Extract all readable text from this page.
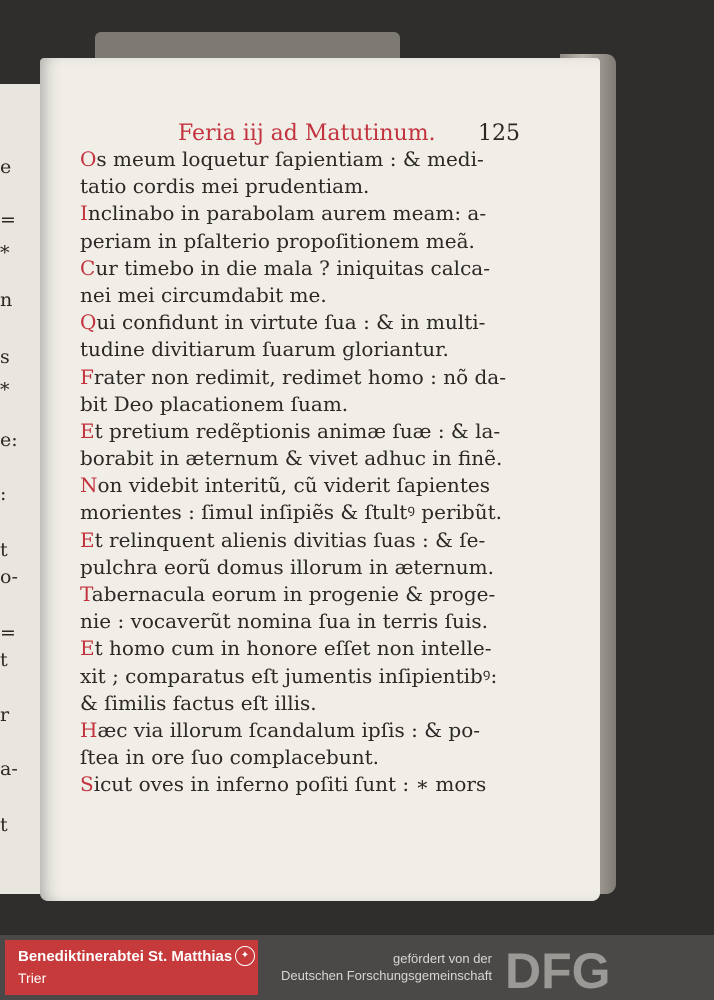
e
=
⁎
n
s
⁎
e:
:
t
o-
=
t
r
a-
t
Feria iij ad Matutinum. 125
Os meum loquetur ſapientiam : & medi-
tatio cordis mei prudentiam.
Inclinabo in parabolam aurem meam: a-
periam in pſalterio propoſitionem meã.
Cur timebo in die mala ? iniquitas calca-
nei mei circumdabit me.
Qui confidunt in virtute ſua : & in multi-
tudine divitiarum ſuarum gloriantur.
Frater non redimit, redimet homo : nõ da-
bit Deo placationem ſuam.
Et pretium redẽptionis animæ ſuæ : & la-
borabit in æternum & vivet adhuc in finẽ.
Non videbit interitũ, cũ viderit ſapientes
morientes : ſimul inſipiẽs & ſtultꝰ peribũt.
Et relinquent alienis divitias ſuas : & ſe-
pulchra eorũ domus illorum in æternum.
Tabernacula eorum in progenie & proge-
nie : vocaverũt nomina ſua in terris ſuis.
Et homo cum in honore eſſet non intelle-
xit ; comparatus eſt jumentis inſipientibꝰ:
& ſimilis factus eſt illis.
Hæc via illorum ſcandalum ipſis : & po-
ſtea in ore ſuo complacebunt.
Sicut oves in inferno poſiti ſunt : ∗ mors
Benediktinerabtei St. Matthias
Trier
✦	gefördert von der
Deutschen Forschungsgemeinschaft DFG
